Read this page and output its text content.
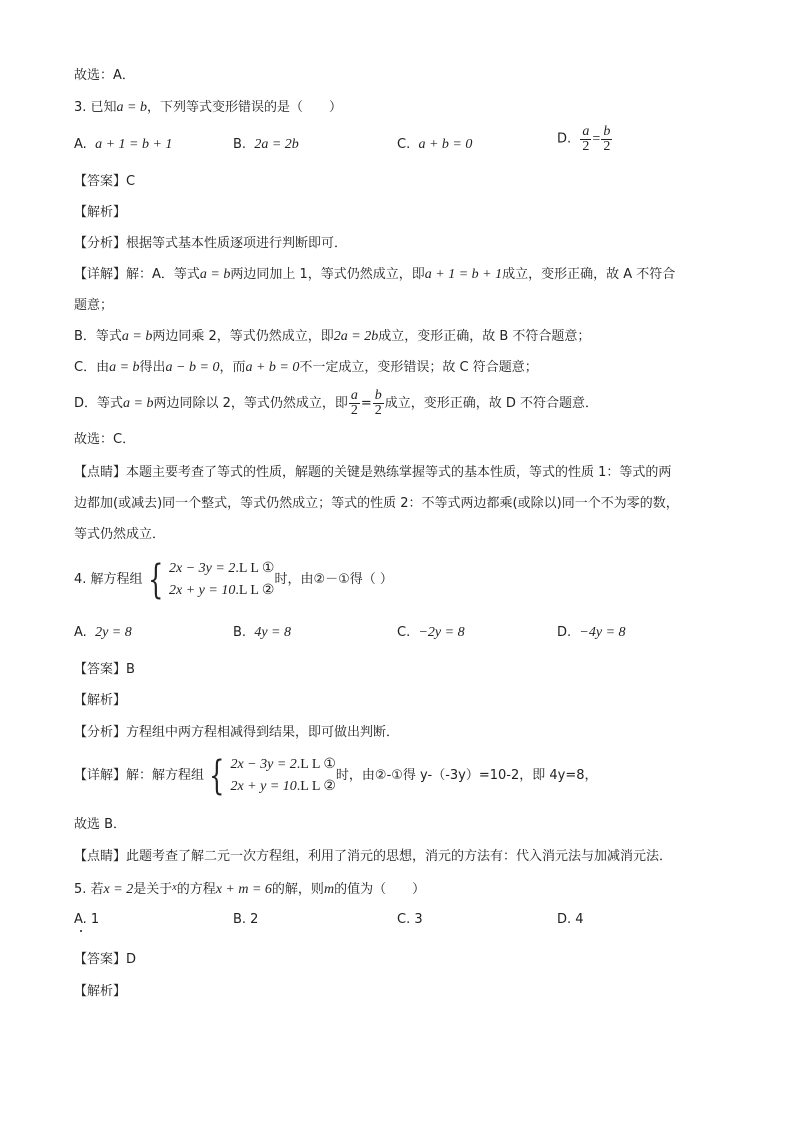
故选：A．
3. 已知a = b，下列等式变形错误的是（　　）
A. a + 1 = b + 1	B. 2a = 2b	C. a + b = 0	D. $\frac{a}{2} = \frac{b}{2}$
【答案】C
【解析】
【分析】根据等式基本性质逐项进行判断即可．
【详解】解：A．等式a = b两边同加上 1，等式仍然成立，即a + 1 = b + 1成立，变形正确，故 A 不符合
题意；
B．等式a = b两边同乘 2，等式仍然成立，即2a = 2b成立，变形正确，故 B 不符合题意；
C．由a = b得出a − b = 0，而a + b = 0不一定成立，变形错误；故 C 符合题意；
D．等式a = b两边同除以 2，等式仍然成立，即 $\frac{a}{2} = \frac{b}{2}$ 成立，变形正确，故 D 不符合题意．
故选：C．
【点睛】本题主要考查了等式的性质，解题的关键是熟练掌握等式的基本性质，等式的性质 1：等式的两
边都加(或减去)同一个整式，等式仍然成立；等式的性质 2：不等式两边都乘(或除以)同一个不为零的数，
等式仍然成立．
4. 解方程组 { 2x − 3y = 2.L L ①
2x + y = 10.L L ②
时，由②－①得（ ）
A. 2y = 8	B. 4y = 8	C. −2y = 8	D. −4y = 8
【答案】B
【解析】
【分析】方程组中两方程相减得到结果，即可做出判断．
【详解】解：解方程组 { 2x − 3y = 2.L L ①
2x + y = 10.L L ②
时，由②-①得 y-（-3y）=10-2，即 4y=8，
故选 B．
【点睛】此题考查了解二元一次方程组，利用了消元的思想，消元的方法有：代入消元法与加减消元法．
5. 若x = 2是关于$^x$的方程x + m = 6的解，则m的值为（　　）
A. 1	B. 2	C. 3	D. 4
【答案】D
【解析】
